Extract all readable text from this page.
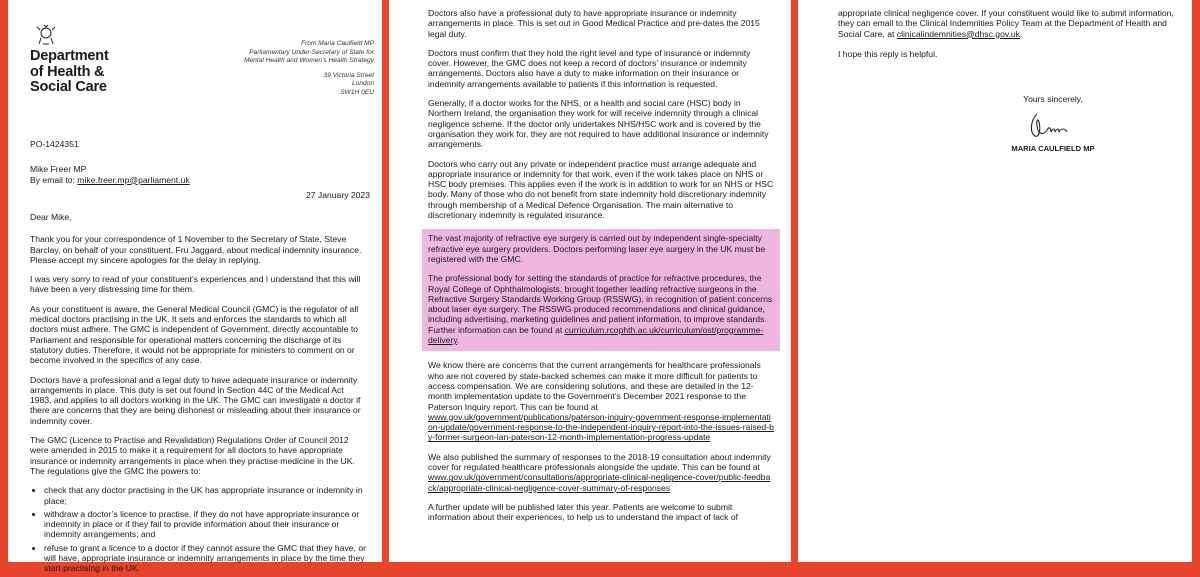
Department
of Health &
Social Care
From Maria Caulfield MP
Parliamentary Under-Secretary of State for
Mental Health and Women’s Health Strategy
39 Victoria Street
London
SW1H 0EU
PO-1424351
Mike Freer MP
By email to: mike.freer.mp@parliament.uk
27 January 2023

Dear Mike,

Thank you for your correspondence of 1 November to the Secretary of State, Steve Barclay, on behalf of your constituent, Fru Jaggard, about medical indemnity insurance. Please accept my sincere apologies for the delay in replying.

I was very sorry to read of your constituent’s experiences and I understand that this will have been a very distressing time for them.

As your constituent is aware, the General Medical Council (GMC) is the regulator of all medical doctors practising in the UK. It sets and enforces the standards to which all doctors must adhere. The GMC is independent of Government, directly accountable to Parliament and responsible for operational matters concerning the discharge of its statutory duties. Therefore, it would not be appropriate for ministers to comment on or become involved in the specifics of any case.

Doctors have a professional and a legal duty to have adequate insurance or indemnity arrangements in place. This duty is set out found in Section 44C of the Medical Act 1983, and applies to all doctors working in the UK. The GMC can investigate a doctor if there are concerns that they are being dishonest or misleading about their insurance or indemnity cover.

The GMC (Licence to Practise and Revalidation) Regulations Order of Council 2012 were amended in 2015 to make it a requirement for all doctors to have appropriate insurance or indemnity arrangements in place when they practise medicine in the UK. The regulations give the GMC the powers to:

• check that any doctor practising in the UK has appropriate insurance or indemnity in place;
• withdraw a doctor’s licence to practise, if they do not have appropriate insurance or indemnity in place or if they fail to provide information about their insurance or indemnity arrangements; and
• refuse to grant a licence to a doctor if they cannot assure the GMC that they have, or will have, appropriate insurance or indemnity arrangements in place by the time they start practising in the UK.

Doctors also have a professional duty to have appropriate insurance or indemnity arrangements in place. This is set out in Good Medical Practice and pre-dates the 2015 legal duty.

Doctors must confirm that they hold the right level and type of insurance or indemnity cover. However, the GMC does not keep a record of doctors’ insurance or indemnity arrangements. Doctors also have a duty to make information on their insurance or indemnity arrangements available to patients if this information is requested.

Generally, if a doctor works for the NHS, or a health and social care (HSC) body in Northern Ireland, the organisation they work for will receive indemnity through a clinical negligence scheme. If the doctor only undertakes NHS/HSC work and is covered by the organisation they work for, they are not required to have additional insurance or indemnity arrangements.

Doctors who carry out any private or independent practice must arrange adequate and appropriate insurance or indemnity for that work, even if the work takes place on NHS or HSC body premises. This applies even if the work is in addition to work for an NHS or HSC body. Many of those who do not benefit from state indemnity hold discretionary indemnity through membership of a Medical Defence Organisation. The main alternative to discretionary indemnity is regulated insurance.

The vast majority of refractive eye surgery is carried out by independent single-specialty refractive eye surgery providers. Doctors performing laser eye surgery in the UK must be registered with the GMC.

The professional body for setting the standards of practice for refractive procedures, the Royal College of Ophthalmologists, brought together leading refractive surgeons in the Refractive Surgery Standards Working Group (RSSWG), in recognition of patient concerns about laser eye surgery. The RSSWG produced recommendations and clinical guidance, including advertising, marketing guidelines and patient information, to improve standards. Further information can be found at curriculum.rcophth.ac.uk/curriculum/ost/programme-delivery.

We know there are concerns that the current arrangements for healthcare professionals who are not covered by state-backed schemes can make it more difficult for patients to access compensation. We are considering solutions, and these are detailed in the 12-month implementation update to the Government’s December 2021 response to the Paterson Inquiry report. This can be found at
www.gov.uk/government/publications/paterson-inquiry-government-response-implementation-update/government-response-to-the-independent-inquiry-report-into-the-issues-raised-by-former-surgeon-ian-paterson-12-month-implementation-progress-update

We also published the summary of responses to the 2018-19 consultation about indemnity cover for regulated healthcare professionals alongside the update. This can be found at
www.gov.uk/government/consultations/appropriate-clinical-negligence-cover/public-feedback/appropriate-clinical-negligence-cover-summary-of-responses

A further update will be published later this year. Patients are welcome to submit information about their experiences, to help us to understand the impact of lack of

appropriate clinical negligence cover. If your constituent would like to submit information, they can email to the Clinical Indemnities Policy Team at the Department of Health and Social Care, at clinicalindemnities@dhsc.gov.uk.

I hope this reply is helpful.

Yours sincerely,
MARIA CAULFIELD MP
